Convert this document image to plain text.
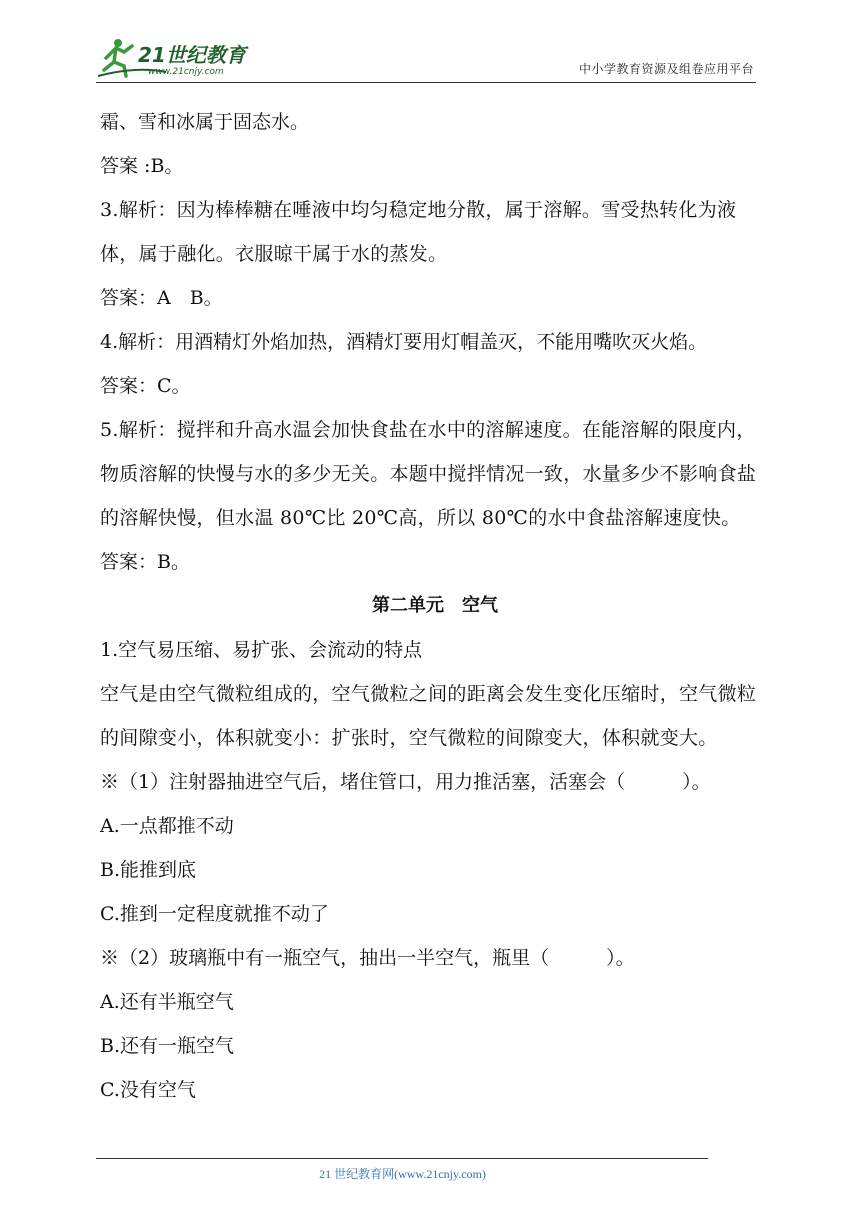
21世纪教育
www.21cnjy.com	中小学教育资源及组卷应用平台

霜、雪和冰属于固态水。

答案 :B。

3.解析：因为棒棒糖在唾液中均匀稳定地分散，属于溶解。雪受热转化为液体，属于融化。衣服晾干属于水的蒸发。

答案：A　B。

4.解析：用酒精灯外焰加热，酒精灯要用灯帽盖灭，不能用嘴吹灭火焰。

答案：C。

5.解析：搅拌和升高水温会加快食盐在水中的溶解速度。在能溶解的限度内，物质溶解的快慢与水的多少无关。本题中搅拌情况一致，水量多少不影响食盐的溶解快慢，但水温 80℃比 20℃高，所以 80℃的水中食盐溶解速度快。

答案：B。

第二单元　空气

1.空气易压缩、易扩张、会流动的特点

空气是由空气微粒组成的，空气微粒之间的距离会发生变化压缩时，空气微粒的间隙变小，体积就变小：扩张时，空气微粒的间隙变大，体积就变大。

※（1）注射器抽进空气后，堵住管口，用力推活塞，活塞会（　　　）。

A.一点都推不动

B.能推到底

C.推到一定程度就推不动了

※（2）玻璃瓶中有一瓶空气，抽出一半空气，瓶里（　　　）。

A.还有半瓶空气

B.还有一瓶空气

C.没有空气

21 世纪教育网(www.21cnjy.com)
